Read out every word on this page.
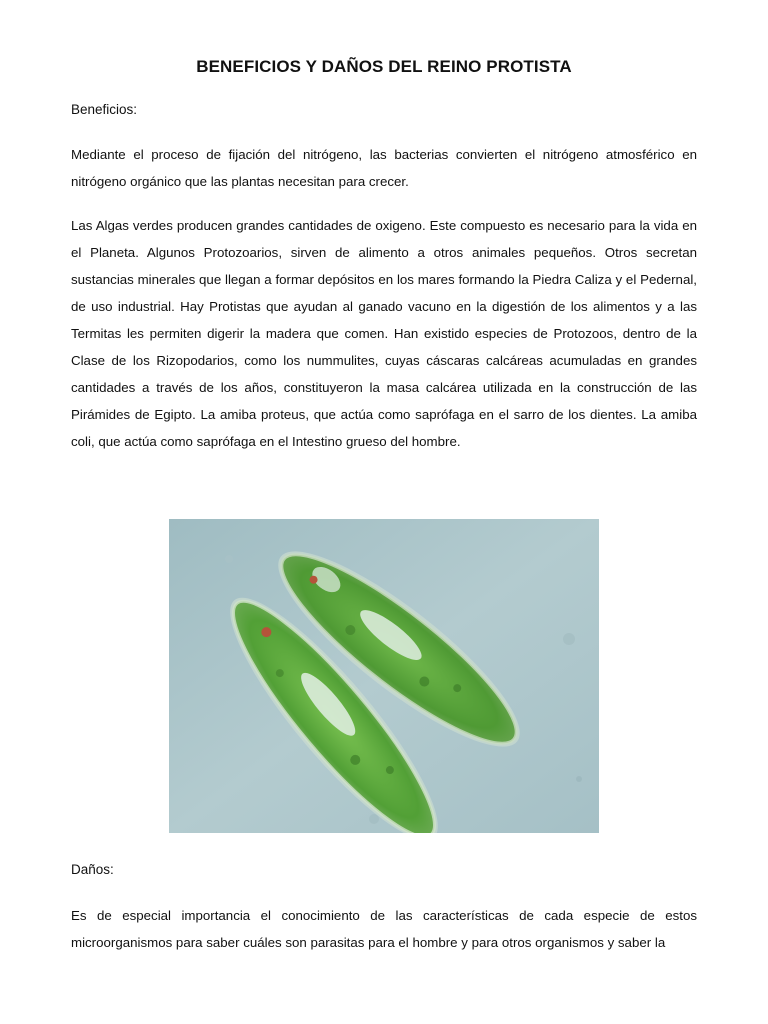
BENEFICIOS Y DAÑOS DEL REINO PROTISTA
Beneficios:

Mediante el proceso de fijación del nitrógeno, las bacterias convierten el nitrógeno atmosférico en nitrógeno orgánico que las plantas necesitan para crecer.

Las Algas verdes producen grandes cantidades de oxigeno. Este compuesto es necesario para la vida en el Planeta. Algunos Protozoarios, sirven de alimento a otros animales pequeños. Otros secretan sustancias minerales que llegan a formar depósitos en los mares formando la Piedra Caliza y el Pedernal, de uso industrial. Hay Protistas que ayudan al ganado vacuno en la digestión de los alimentos y a las Termitas les permiten digerir la madera que comen. Han existido especies de Protozoos, dentro de la Clase de los Rizopodarios, como los nummulites, cuyas cáscaras calcáreas acumuladas en grandes cantidades a través de los años, constituyeron la masa calcárea utilizada en la construcción de las Pirámides de Egipto. La amiba proteus, que actúa como saprófaga en el sarro de los dientes. La amiba coli, que actúa como saprófaga en el Intestino grueso del hombre.

Daños:

Es de especial importancia el conocimiento de las características de cada especie de estos microorganismos para saber cuáles son parasitas para el hombre y para otros organismos y saber la
